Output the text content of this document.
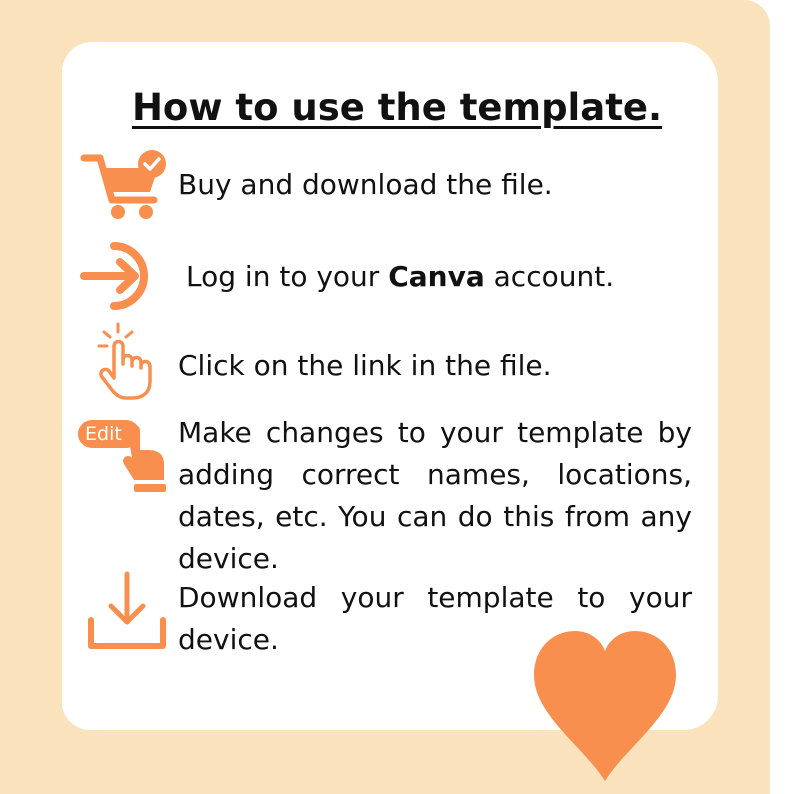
How to use the template.

Buy and download the file.

Log in to your Canva account.

Click on the link in the file.

Edit Make changes to your template by adding correct names, locations, dates, etc. You can do this from any device.

Download your template to your device.
